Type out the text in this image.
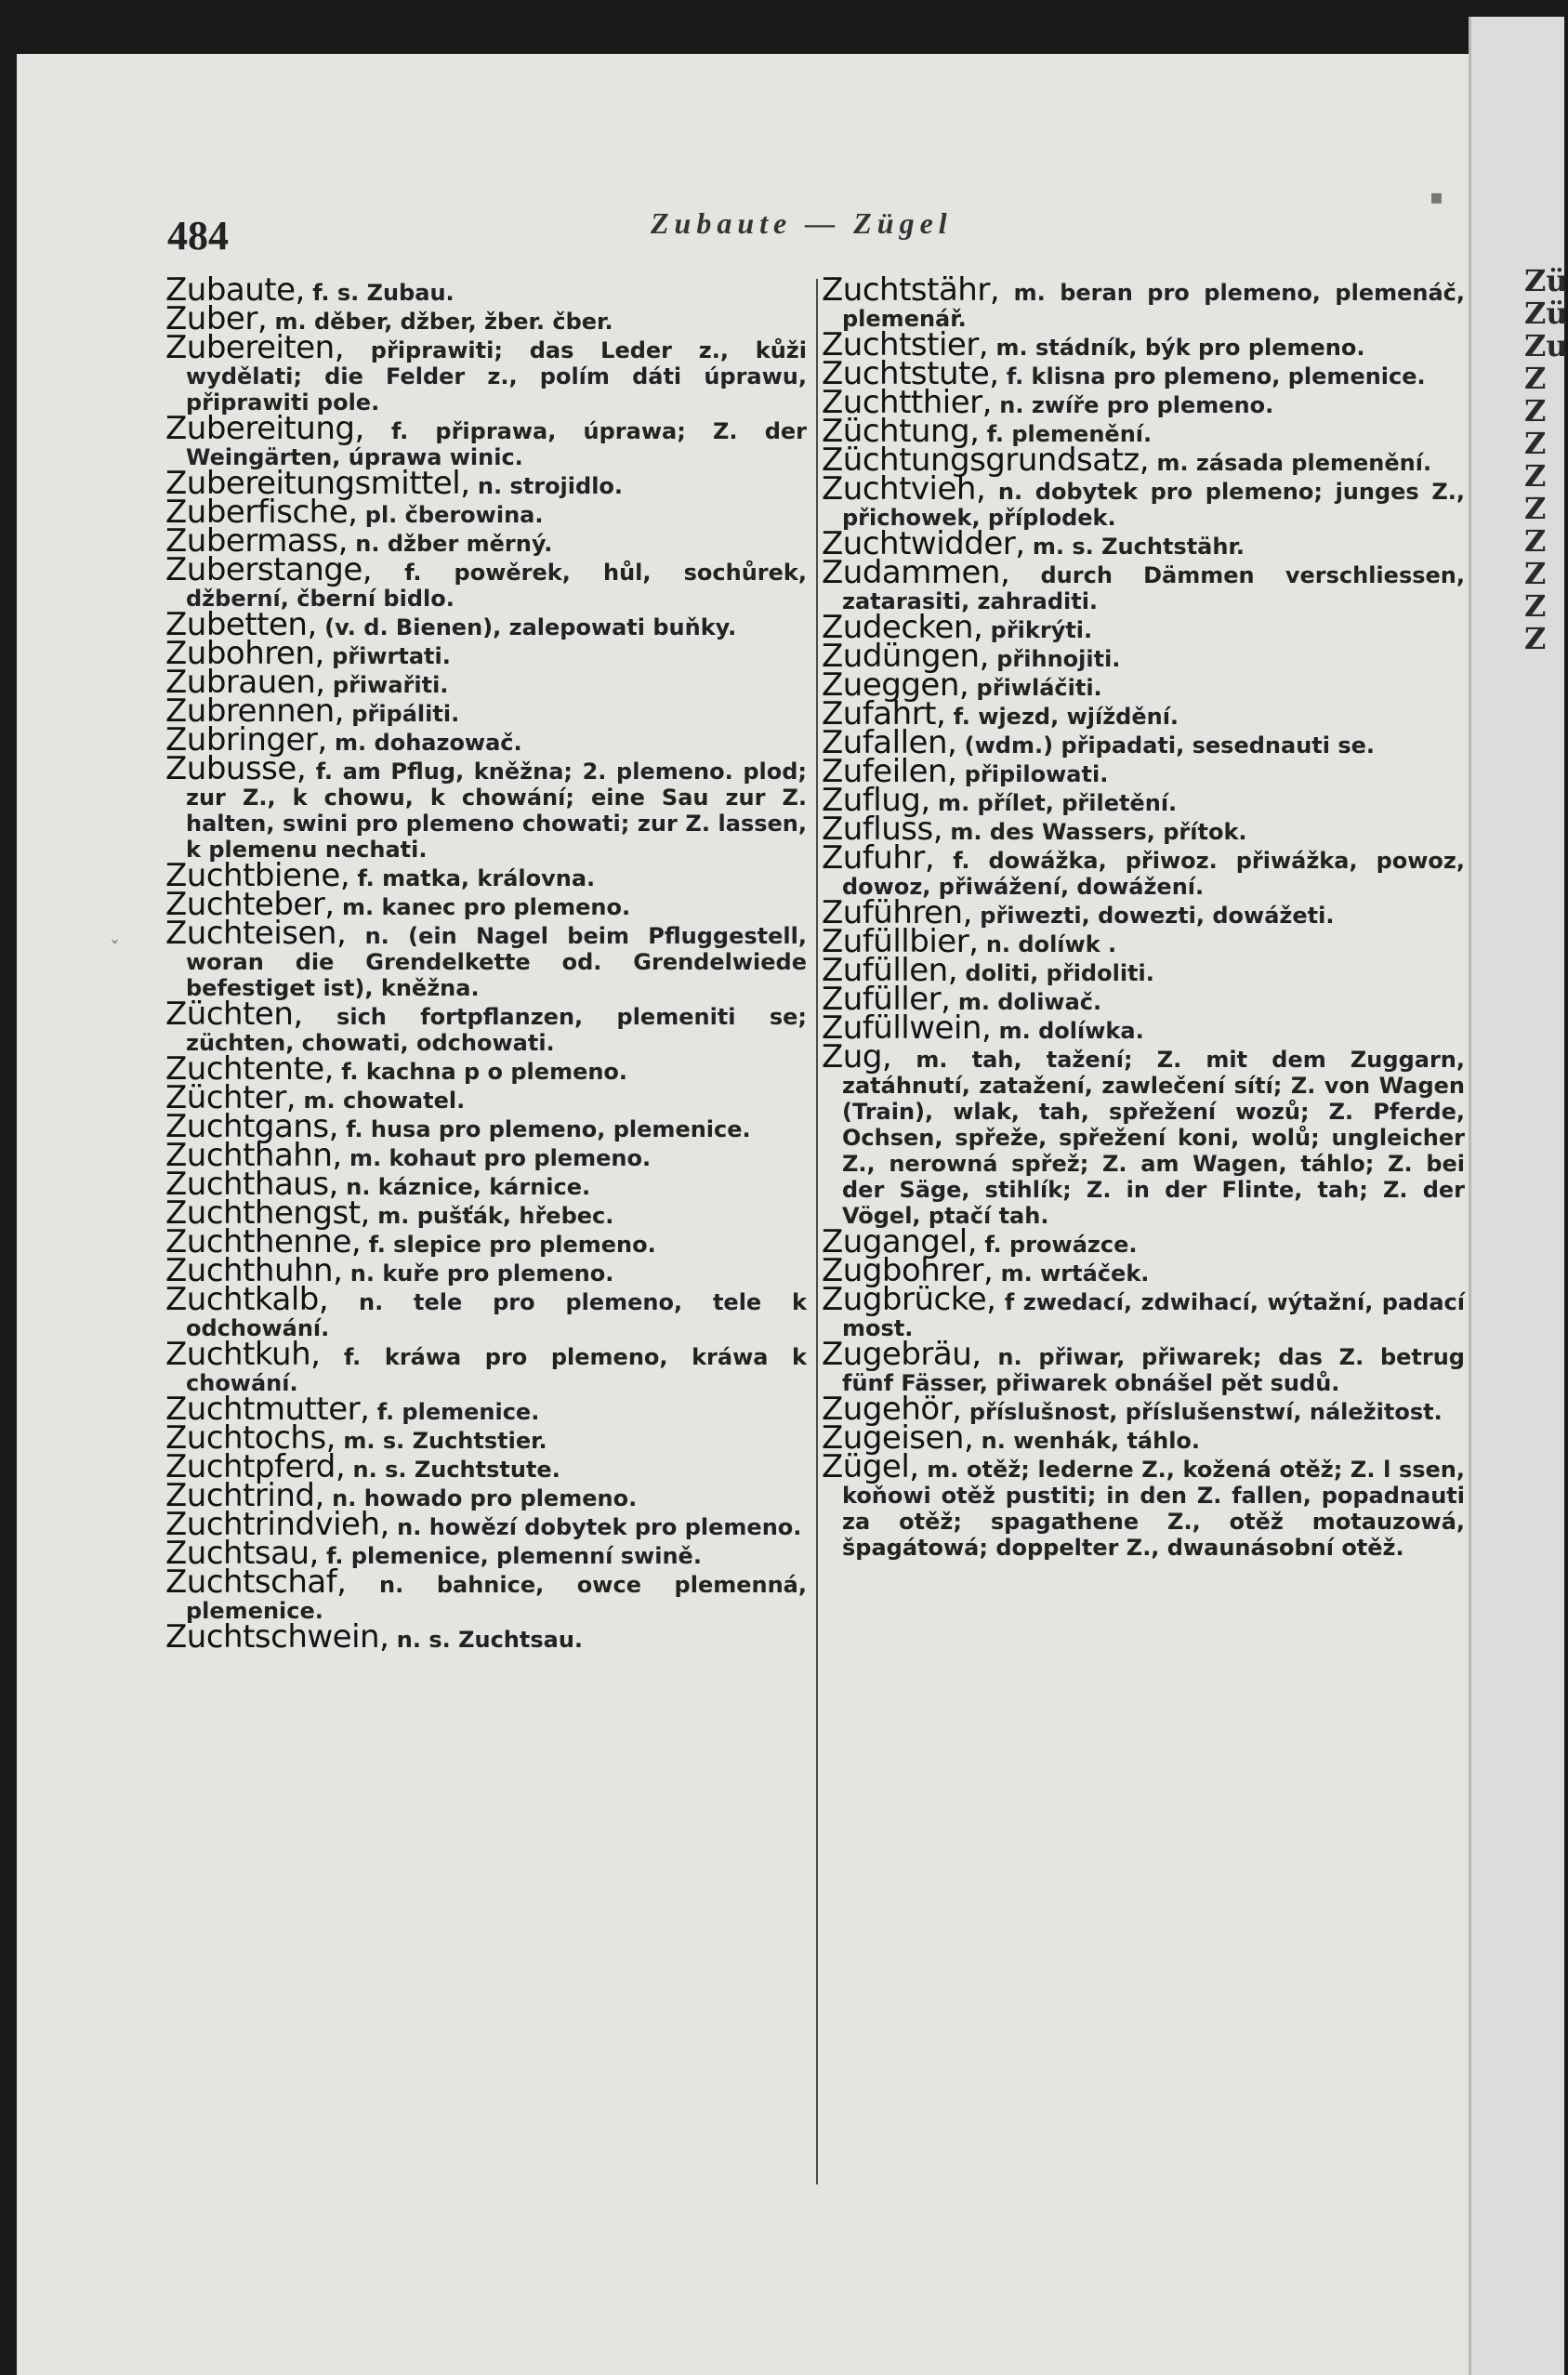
Zü
Zü
Zu
Z
Z
Z
Z
Z
Z
Z
Z
Z
484	Zubaute — Zügel
Zubaute, f. s. Zubau.
Zuber, m. děber, džber, žber. čber.
Zubereiten, připrawiti; das Leder z., kůži wydělati; die Felder z., polím dáti úprawu, připrawiti pole.
Zubereitung, f. připrawa, úprawa; Z. der Weingärten, úprawa winic.
Zubereitungsmittel, n. strojidlo.
Zuberfische, pl. čberowina.
Zubermass, n. džber měrný.
Zuberstange, f. powěrek, hůl, sochůrek, džberní, čberní bidlo.
Zubetten, (v. d. Bienen), zalepowati buňky.
Zubohren, přiwrtati.
Zubrauen, přiwařiti.
Zubrennen, připáliti.
Zubringer, m. dohazowač.
Zubusse, f. am Pflug, kněžna; 2. plemeno. plod; zur Z., k chowu, k chowání; eine Sau zur Z. halten, swini pro plemeno chowati; zur Z. lassen, k plemenu nechati.
Zuchtbiene, f. matka, královna.
Zuchteber, m. kanec pro plemeno.
Zuchteisen, n. (ein Nagel beim Pfluggestell, woran die Grendelkette od. Grendelwiede befestiget ist), kněžna.
Züchten, sich fortpflanzen, plemeniti se; züchten, chowati, odchowati.
Zuchtente, f. kachna p o plemeno.
Züchter, m. chowatel.
Zuchtgans, f. husa pro plemeno, plemenice.
Zuchthahn, m. kohaut pro plemeno.
Zuchthaus, n. káznice, kárnice.
Zuchthengst, m. pušťák, hřebec.
Zuchthenne, f. slepice pro plemeno.
Zuchthuhn, n. kuře pro plemeno.
Zuchtkalb, n. tele pro plemeno, tele k odchowání.
Zuchtkuh, f. kráwa pro plemeno, kráwa k chowání.
Zuchtmutter, f. plemenice.
Zuchtochs, m. s. Zuchtstier.
Zuchtpferd, n. s. Zuchtstute.
Zuchtrind, n. howado pro plemeno.
Zuchtrindvieh, n. howězí dobytek pro plemeno.
Zuchtsau, f. plemenice, plemenní swině.
Zuchtschaf, n. bahnice, owce plemenná, plemenice.
Zuchtschwein, n. s. Zuchtsau.
Zuchtstähr, m. beran pro plemeno, plemenáč, plemenář.
Zuchtstier, m. stádník, býk pro plemeno.
Zuchtstute, f. klisna pro plemeno, plemenice.
Zuchtthier, n. zwíře pro plemeno.
Züchtung, f. plemenění.
Züchtungsgrundsatz, m. zásada plemenění.
Zuchtvieh, n. dobytek pro plemeno; junges Z., přichowek, příplodek.
Zuchtwidder, m. s. Zuchtstähr.
Zudammen, durch Dämmen verschliessen, zatarasiti, zahraditi.
Zudecken, přikrýti.
Zudüngen, přihnojiti.
Zueggen, přiwláčiti.
Zufahrt, f. wjezd, wjíždění.
Zufallen, (wdm.) připadati, sesednauti se.
Zufeilen, připilowati.
Zuflug, m. přílet, přiletění.
Zufluss, m. des Wassers, přítok.
Zufuhr, f. dowážka, přiwoz. přiwážka, powoz, dowoz, přiwážení, dowážení.
Zuführen, přiwezti, dowezti, dowážeti.
Zufüllbier, n. dolíwk .
Zufüllen, doliti, přidoliti.
Zufüller, m. doliwač.
Zufüllwein, m. dolíwka.
Zug, m. tah, tažení; Z. mit dem Zuggarn, zatáhnutí, zatažení, zawlečení sítí; Z. von Wagen (Train), wlak, tah, spřežení wozů; Z. Pferde, Ochsen, spřeže, spřežení koni, wolů; ungleicher Z., nerowná spřež; Z. am Wagen, táhlo; Z. bei der Säge, stihlík; Z. in der Flinte, tah; Z. der Vögel, ptačí tah.
Zugangel, f. prowázce.
Zugbohrer, m. wrtáček.
Zugbrücke, f zwedací, zdwihací, wýtažní, padací most.
Zugebräu, n. přiwar, přiwarek; das Z. betrug fünf Fässer, přiwarek obnášel pět sudů.
Zugehör, příslušnost, příslušenstwí, náležitost.
Zugeisen, n. wenhák, táhlo.
Zügel, m. otěž; lederne Z., kožená otěž; Z. l ssen, koňowi otěž pustiti; in den Z. fallen, popadnauti za otěž; spagathene Z., otěž motauzowá, špagátowá; doppelter Z., dwaunásobní otěž.
ˇ
▪
